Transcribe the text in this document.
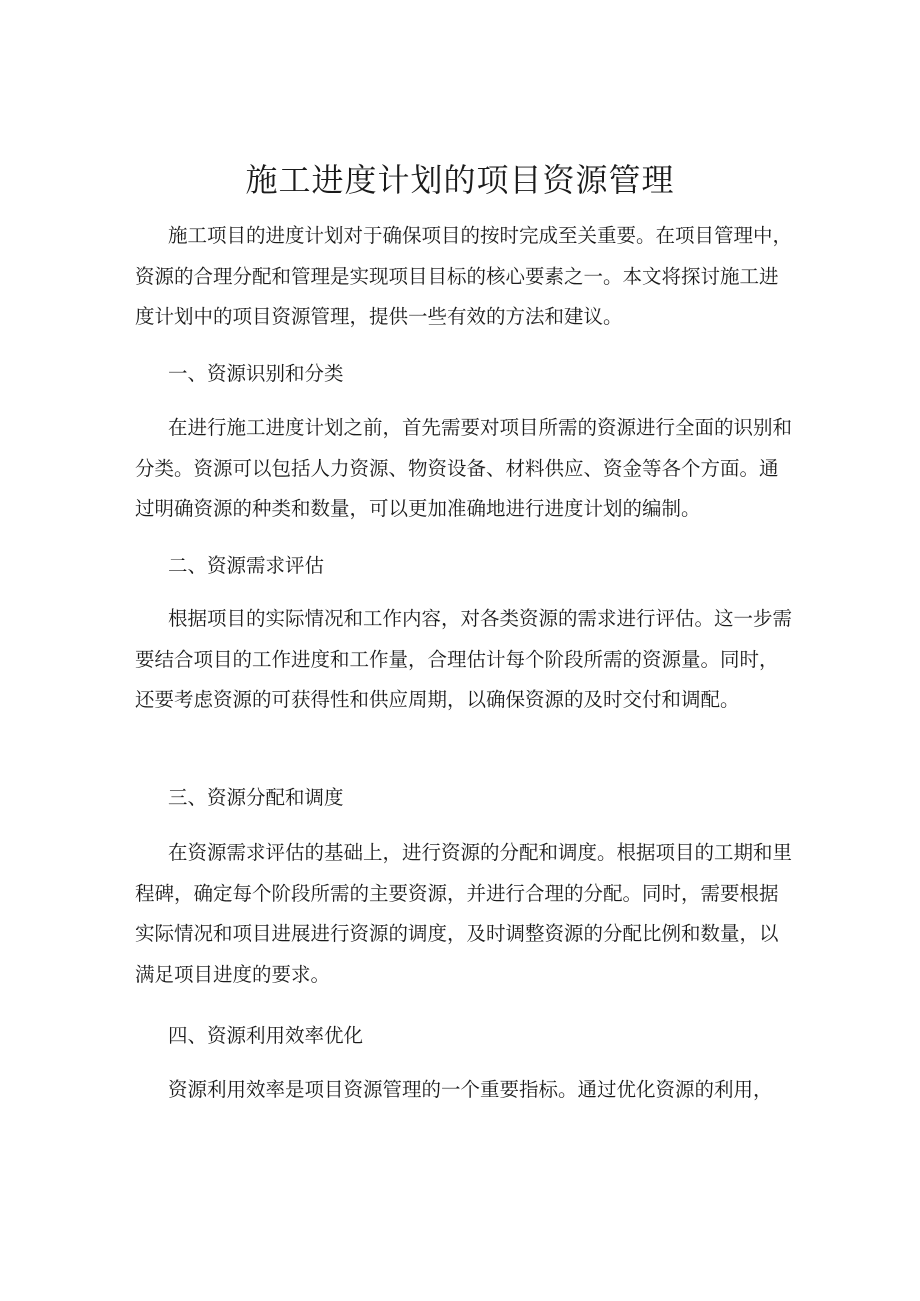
施工进度计划的项目资源管理

施工项目的进度计划对于确保项目的按时完成至关重要。在项目管理中，资源的合理分配和管理是实现项目目标的核心要素之一。本文将探讨施工进度计划中的项目资源管理，提供一些有效的方法和建议。

一、资源识别和分类

在进行施工进度计划之前，首先需要对项目所需的资源进行全面的识别和分类。资源可以包括人力资源、物资设备、材料供应、资金等各个方面。通过明确资源的种类和数量，可以更加准确地进行进度计划的编制。

二、资源需求评估

根据项目的实际情况和工作内容，对各类资源的需求进行评估。这一步需要结合项目的工作进度和工作量，合理估计每个阶段所需的资源量。同时，还要考虑资源的可获得性和供应周期，以确保资源的及时交付和调配。

三、资源分配和调度

在资源需求评估的基础上，进行资源的分配和调度。根据项目的工期和里程碑，确定每个阶段所需的主要资源，并进行合理的分配。同时，需要根据实际情况和项目进展进行资源的调度，及时调整资源的分配比例和数量，以满足项目进度的要求。

四、资源利用效率优化

资源利用效率是项目资源管理的一个重要指标。通过优化资源的利用，
